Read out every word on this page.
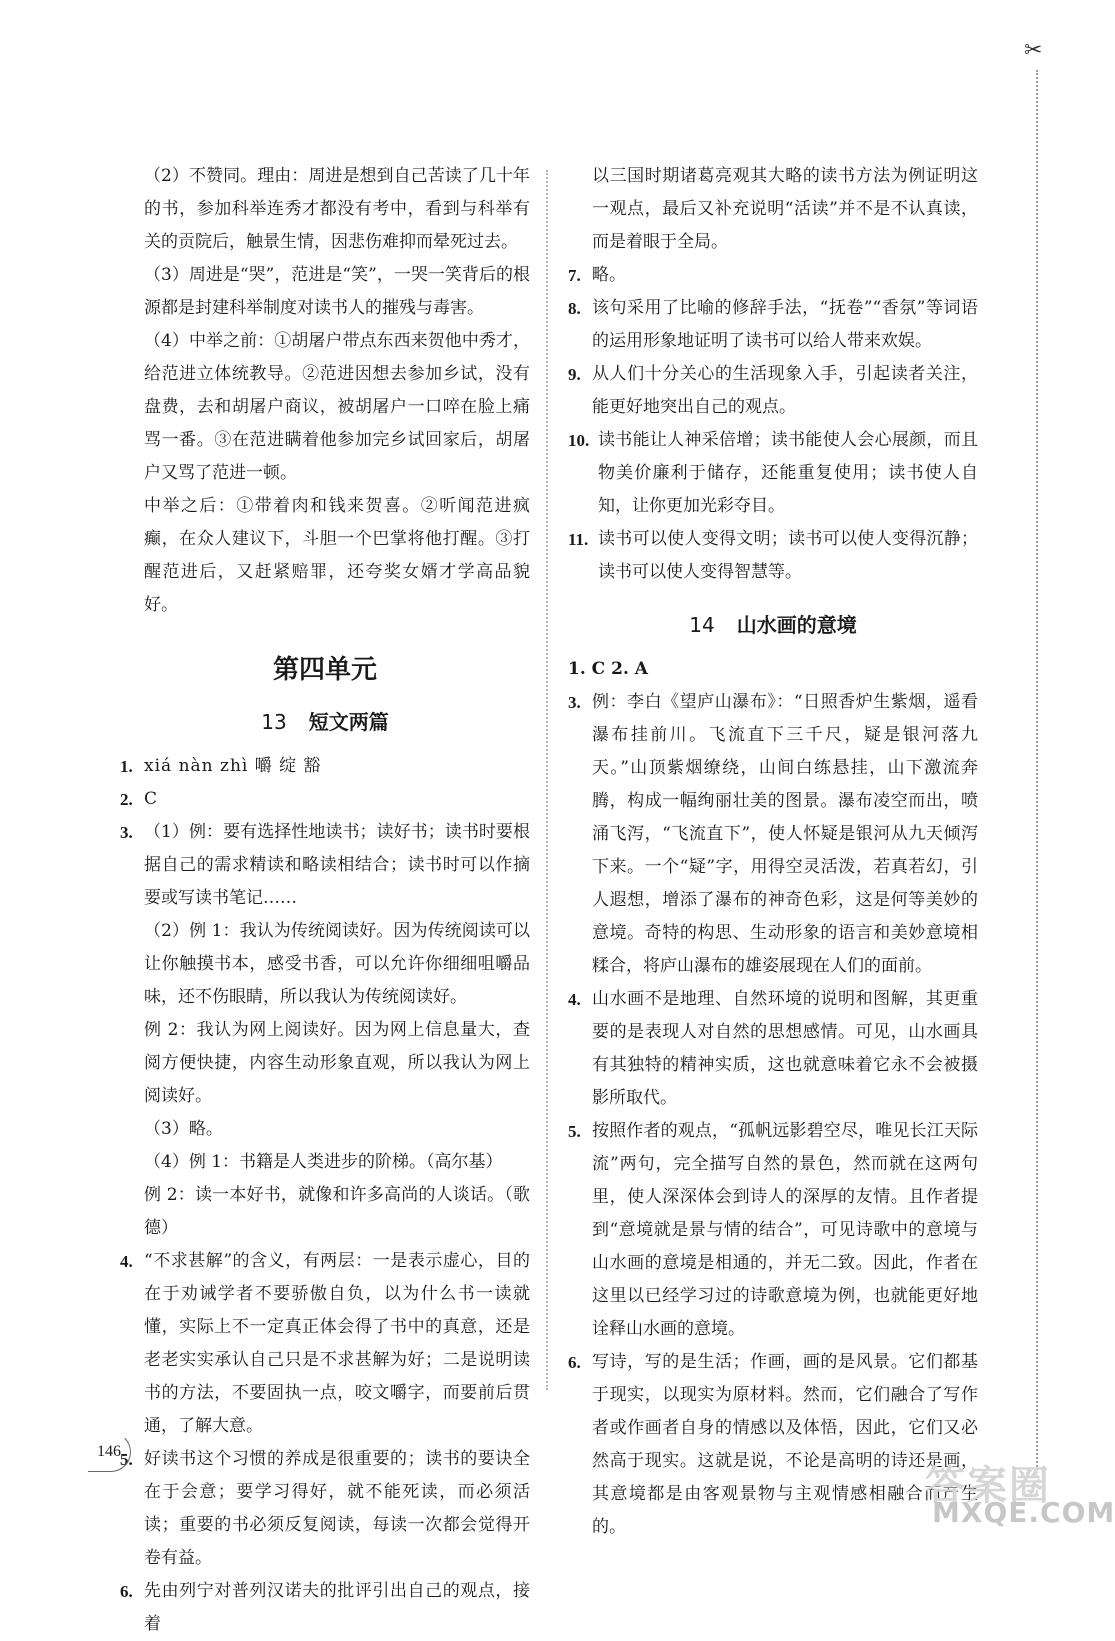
✂

（2）不赞同。理由：周进是想到自己苦读了几十年的书，参加科举连秀才都没有考中，看到与科举有关的贡院后，触景生情，因悲伤难抑而晕死过去。

（3）周进是“哭”，范进是“笑”，一哭一笑背后的根源都是封建科举制度对读书人的摧残与毒害。

（4）中举之前：①胡屠户带点东西来贺他中秀才，给范进立体统教导。②范进因想去参加乡试，没有盘费，去和胡屠户商议，被胡屠户一口啐在脸上痛骂一番。③在范进瞒着他参加完乡试回家后，胡屠户又骂了范进一顿。

中举之后：①带着肉和钱来贺喜。②听闻范进疯癫，在众人建议下，斗胆一个巴掌将他打醒。③打醒范进后，又赶紧赔罪，还夸奖女婿才学高品貌好。

第四单元
13 短文两篇
1. xiá nàn zhì 嚼 绽 豁
2. C
3. （1）例：要有选择性地读书；读好书；读书时要根据自己的需求精读和略读相结合；读书时可以作摘要或写读书笔记……

（2）例 1：我认为传统阅读好。因为传统阅读可以让你触摸书本，感受书香，可以允许你细细咀嚼品味，还不伤眼睛，所以我认为传统阅读好。

例 2：我认为网上阅读好。因为网上信息量大，查阅方便快捷，内容生动形象直观，所以我认为网上阅读好。

（3）略。

（4）例 1：书籍是人类进步的阶梯。（高尔基）

例 2：读一本好书，就像和许多高尚的人谈话。（歌德）

4. “不求甚解”的含义，有两层：一是表示虚心，目的在于劝诫学者不要骄傲自负，以为什么书一读就懂，实际上不一定真正体会得了书中的真意，还是老老实实承认自己只是不求甚解为好；二是说明读书的方法，不要固执一点，咬文嚼字，而要前后贯通，了解大意。
5. 好读书这个习惯的养成是很重要的；读书的要诀全在于会意；要学习得好，就不能死读，而必须活读；重要的书必须反复阅读，每读一次都会觉得开卷有益。
6. 先由列宁对普列汉诺夫的批评引出自己的观点，接着

以三国时期诸葛亮观其大略的读书方法为例证明这一观点，最后又补充说明“活读”并不是不认真读，而是着眼于全局。

7. 略。
8. 该句采用了比喻的修辞手法，“抚卷”“香氛”等词语的运用形象地证明了读书可以给人带来欢娱。
9. 从人们十分关心的生活现象入手，引起读者关注，能更好地突出自己的观点。
10. 读书能让人神采倍增；读书能使人会心展颜，而且物美价廉利于储存，还能重复使用；读书使人自知，让你更加光彩夺目。
11. 读书可以使人变得文明；读书可以使人变得沉静；读书可以使人变得智慧等。
14 山水画的意境

1. C 2. A

3. 例：李白《望庐山瀑布》：“日照香炉生紫烟，遥看瀑布挂前川。飞流直下三千尺，疑是银河落九天。”山顶紫烟缭绕，山间白练悬挂，山下激流奔腾，构成一幅绚丽壮美的图景。瀑布凌空而出，喷涌飞泻，“飞流直下”，使人怀疑是银河从九天倾泻下来。一个“疑”字，用得空灵活泼，若真若幻，引人遐想，增添了瀑布的神奇色彩，这是何等美妙的意境。奇特的构思、生动形象的语言和美妙意境相糅合，将庐山瀑布的雄姿展现在人们的面前。
4. 山水画不是地理、自然环境的说明和图解，其更重要的是表现人对自然的思想感情。可见，山水画具有其独特的精神实质，这也就意味着它永不会被摄影所取代。
5. 按照作者的观点，“孤帆远影碧空尽，唯见长江天际流”两句，完全描写自然的景色，然而就在这两句里，使人深深体会到诗人的深厚的友情。且作者提到“意境就是景与情的结合”，可见诗歌中的意境与山水画的意境是相通的，并无二致。因此，作者在这里以已经学习过的诗歌意境为例，也就能更好地诠释山水画的意境。
6. 写诗，写的是生活；作画，画的是风景。它们都基于现实，以现实为原材料。然而，它们融合了写作者或作画者自身的情感以及体悟，因此，它们又必然高于现实。这就是说，不论是高明的诗还是画，其意境都是由客观景物与主观情感相融合而产生的。
146
答案圈
MXQE.COM
